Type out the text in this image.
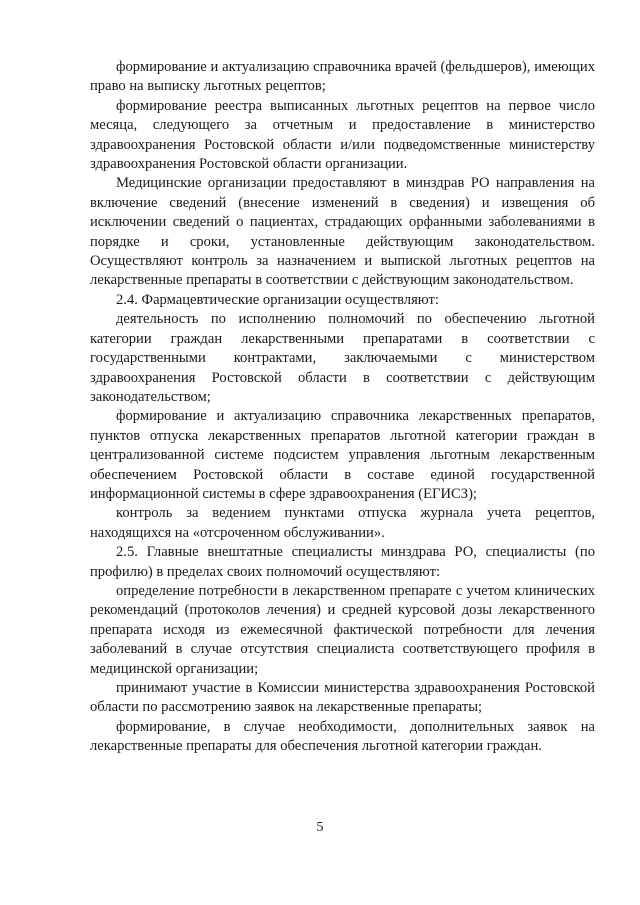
формирование и актуализацию справочника врачей (фельдшеров), имеющих право на выписку льготных рецептов;

формирование реестра выписанных льготных рецептов на первое число месяца, следующего за отчетным и предоставление в министерство здравоохранения Ростовской области и/или подведомственные министерству здравоохранения Ростовской области организации.

Медицинские организации предоставляют в минздрав РО направления на включение сведений (внесение изменений в сведения) и извещения об исключении сведений о пациентах, страдающих орфанными заболеваниями в порядке и сроки, установленные действующим законодательством. Осуществляют контроль за назначением и выпиской льготных рецептов на лекарственные препараты в соответствии с действующим законодательством.

2.4. Фармацевтические организации осуществляют:

деятельность по исполнению полномочий по обеспечению льготной категории граждан лекарственными препаратами в соответствии с государственными контрактами, заключаемыми с министерством здравоохранения Ростовской области в соответствии с действующим законодательством;

формирование и актуализацию справочника лекарственных препаратов, пунктов отпуска лекарственных препаратов льготной категории граждан в централизованной системе подсистем управления льготным лекарственным обеспечением Ростовской области в составе единой государственной информационной системы в сфере здравоохранения (ЕГИСЗ);

контроль за ведением пунктами отпуска журнала учета рецептов, находящихся на «отсроченном обслуживании».

2.5. Главные внештатные специалисты минздрава РО, специалисты (по профилю) в пределах своих полномочий осуществляют:

определение потребности в лекарственном препарате с учетом клинических рекомендаций (протоколов лечения) и средней курсовой дозы лекарственного препарата исходя из ежемесячной фактической потребности для лечения заболеваний в случае отсутствия специалиста соответствующего профиля в медицинской организации;

принимают участие в Комиссии министерства здравоохранения Ростовской области по рассмотрению заявок на лекарственные препараты;

формирование, в случае необходимости, дополнительных заявок на лекарственные препараты для обеспечения льготной категории граждан.

5
